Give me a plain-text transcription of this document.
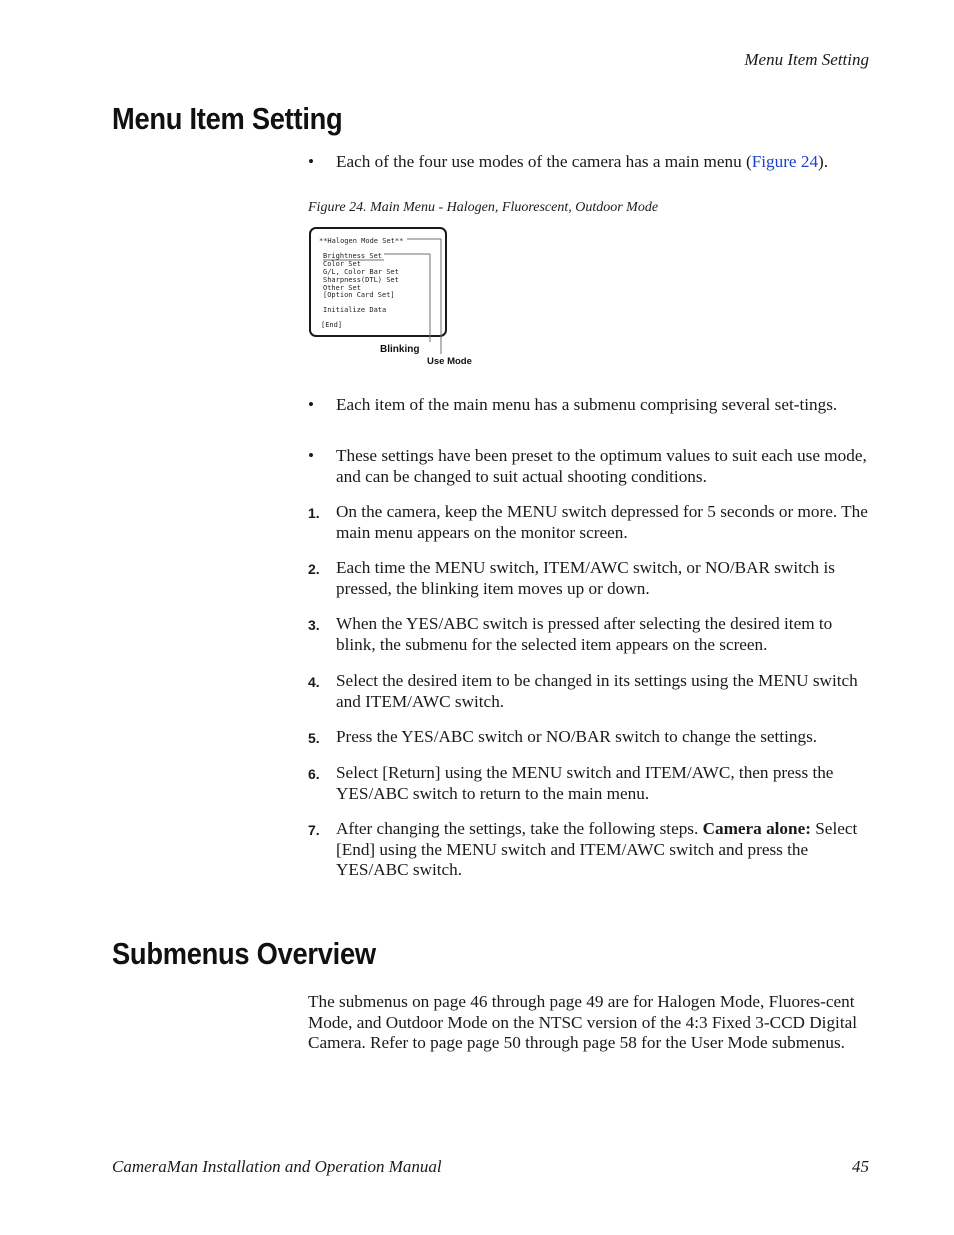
Menu Item Setting
Menu Item Setting
•	Each of the four use modes of the camera has a main menu (Figure 24).
Figure 24. Main Menu - Halogen, Fluorescent, Outdoor Mode
**Halogen Mode Set**
Brightness Set
Color Set
G/L, Color Bar Set
Sharpness(DTL) Set
Other Set
[Option Card Set]
Initialize Data
[End]
Blinking
Use Mode
•	Each item of the main menu has a submenu comprising several set-tings.
•	These settings have been preset to the optimum values to suit each use mode, and can be changed to suit actual shooting conditions.
1. On the camera, keep the MENU switch depressed for 5 seconds or more. The main menu appears on the monitor screen.
2. Each time the MENU switch, ITEM/AWC switch, or NO/BAR switch is pressed, the blinking item moves up or down.
3. When the YES/ABC switch is pressed after selecting the desired item to blink, the submenu for the selected item appears on the screen.
4. Select the desired item to be changed in its settings using the MENU switch and ITEM/AWC switch.
5. Press the YES/ABC switch or NO/BAR switch to change the settings.
6. Select [Return] using the MENU switch and ITEM/AWC, then press the YES/ABC switch to return to the main menu.
7. After changing the settings, take the following steps. Camera alone: Select [End] using the MENU switch and ITEM/AWC switch and press the YES/ABC switch.
Submenus Overview
The submenus on page 46 through page 49 are for Halogen Mode, Fluores-cent Mode, and Outdoor Mode on the NTSC version of the 4:3 Fixed 3-CCD Digital Camera. Refer to page page 50 through page 58 for the User Mode submenus.
CameraMan Installation and Operation Manual	45
